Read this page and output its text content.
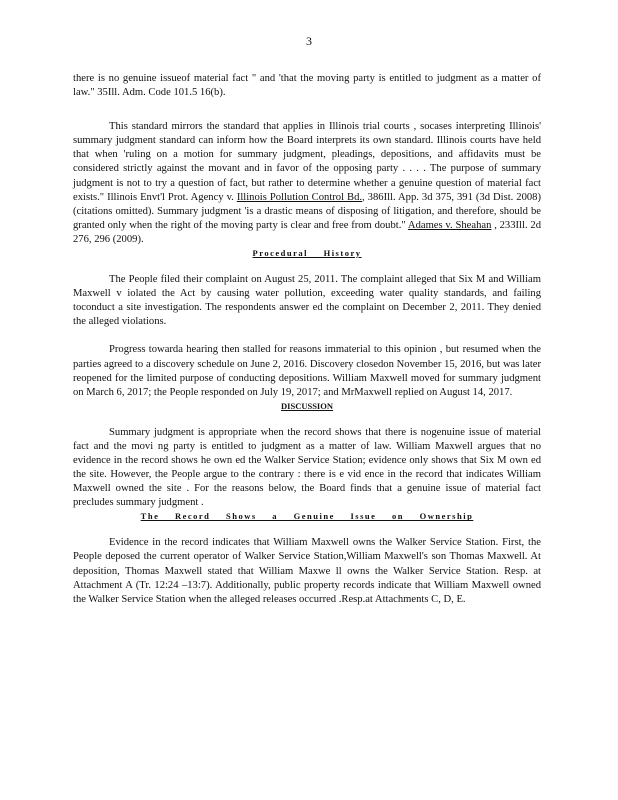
3

there is no genuine issueof material fact " and 'that the moving party is entitled to judgment as a matter of law." 35Ill. Adm. Code 101.5 16(b).

This standard mirrors the standard that applies in Illinois trial courts , socases interpreting Illinois' summary judgment standard can inform how the Board interprets its own standard. Illinois courts have held that when 'ruling on a motion for summary judgment, pleadings, depositions, and affidavits must be considered strictly against the movant and in favor of the opposing party . . . . The purpose of summary judgment is not to try a question of fact, but rather to determine whether a genuine question of material fact exists." Illinois Envt'l Prot. Agency v. Illinois Pollution Control Bd., 386Ill. App. 3d 375, 391 (3d Dist. 2008) (citations omitted). Summary judgment 'is a drastic means of disposing of litigation, and therefore, should be granted only when the right of the moving party is clear and free from doubt." Adames v. Sheahan , 233Ill. 2d 276, 296 (2009).

Procedural History

The People filed their complaint on August 25, 2011. The complaint alleged that Six M and William Maxwell v iolated the Act by causing water pollution, exceeding water quality standards, and failing toconduct a site investigation. The respondents answer ed the complaint on December 2, 2011. They denied the alleged violations.

Progress towarda hearing then stalled for reasons immaterial to this opinion , but resumed when the parties agreed to a discovery schedule on June 2, 2016. Discovery closedon November 15, 2016, but was later reopened for the limited purpose of conducting depositions. William Maxwell moved for summary judgment on March 6, 2017; the People responded on July 19, 2017; and MrMaxwell replied on August 14, 2017.

DISCUSSION

Summary judgment is appropriate when the record shows that there is nogenuine issue of material fact and the movi ng party is entitled to judgment as a matter of law. William Maxwell argues that no evidence in the record shows he own ed the Walker Service Station; evidence only shows that Six M own ed the site. However, the People argue to the contrary : there is e vid ence in the record that indicates William Maxwell owned the site . For the reasons below, the Board finds that a genuine issue of material fact precludes summary judgment .

The Record Shows a Genuine Issue on Ownership

Evidence in the record indicates that William Maxwell owns the Walker Service Station. First, the People deposed the current operator of Walker Service Station,William Maxwell's son Thomas Maxwell. At deposition, Thomas Maxwell stated that William Maxwe ll owns the Walker Service Station. Resp. at Attachment A (Tr. 12:24 –13:7). Additionally, public property records indicate that William Maxwell owned the Walker Service Station when the alleged releases occurred .Resp.at Attachments C, D, E.
